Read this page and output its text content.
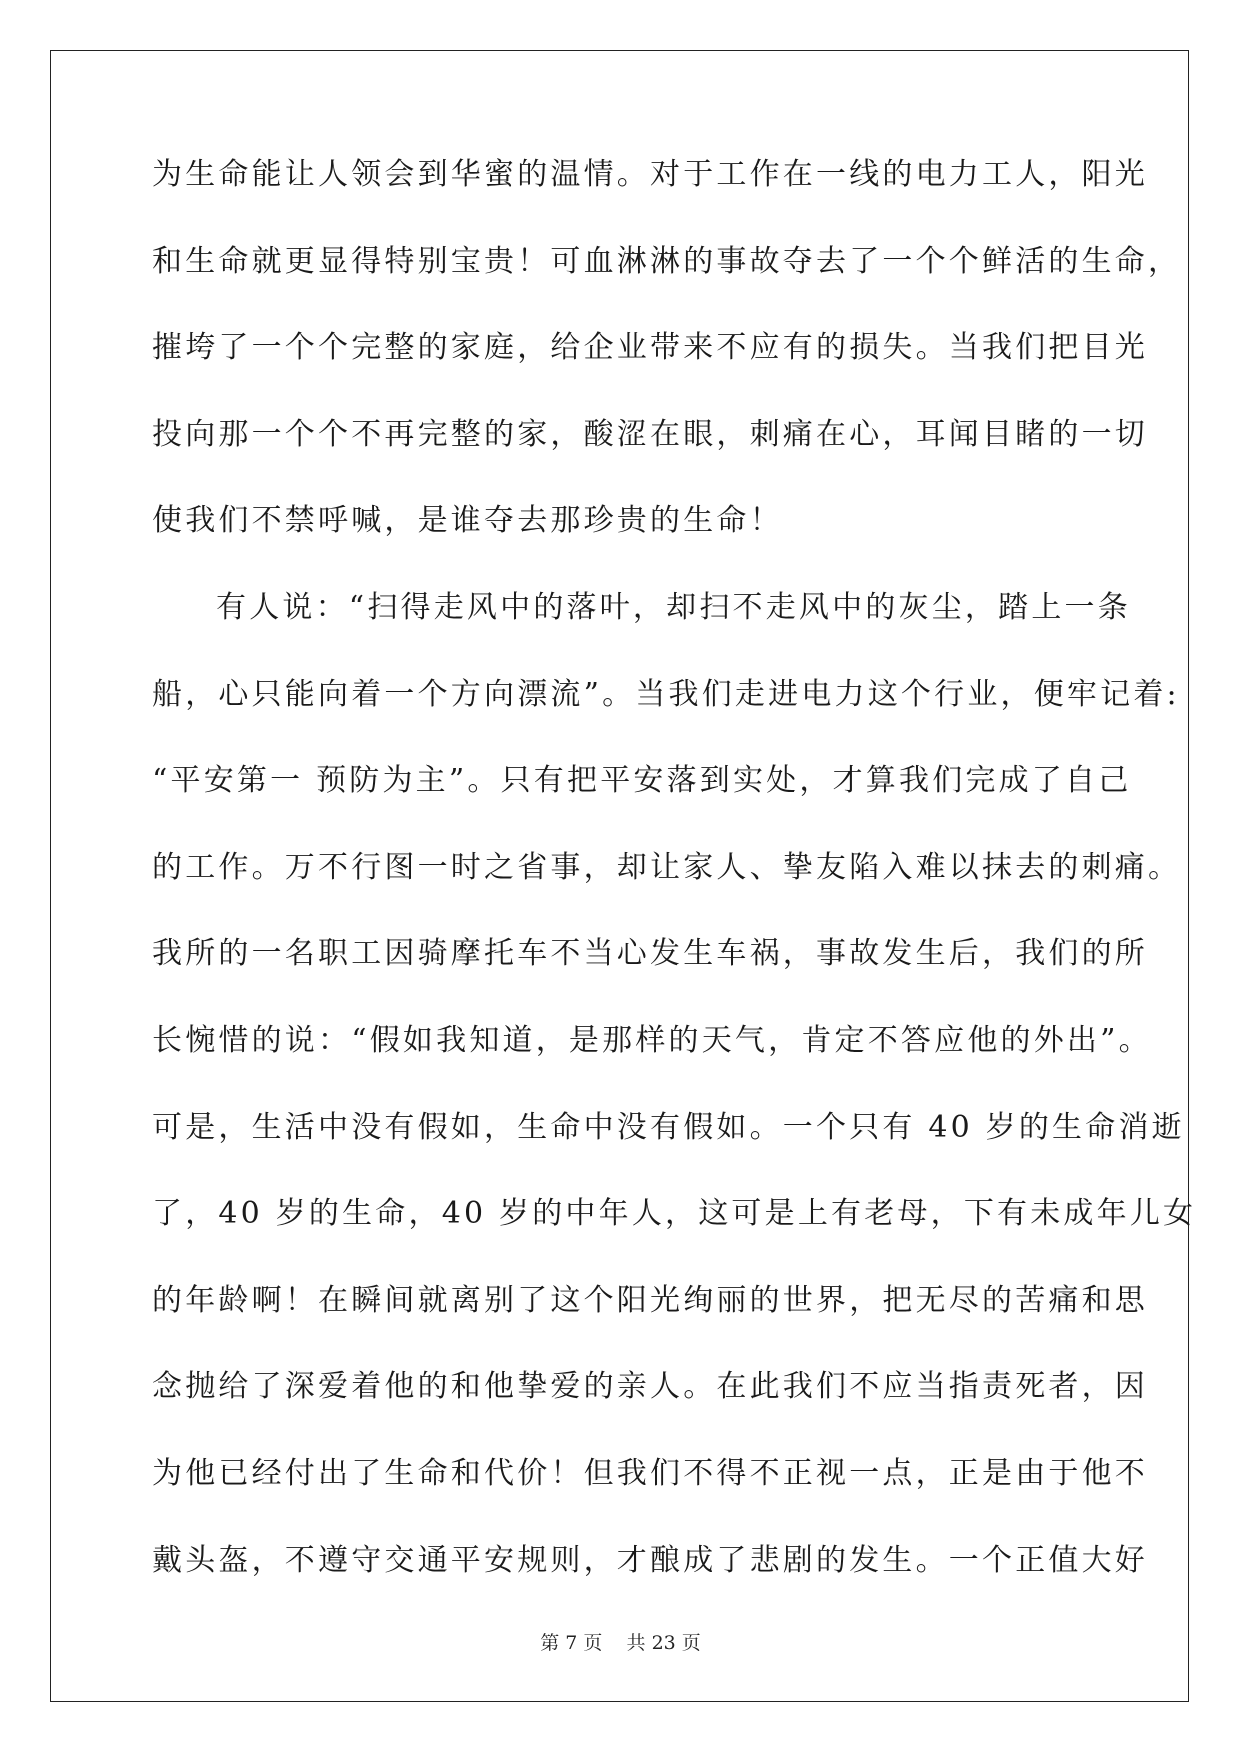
为生命能让人领会到华蜜的温情。对于工作在一线的电力工人，阳光
和生命就更显得特别宝贵！可血淋淋的事故夺去了一个个鲜活的生命，
摧垮了一个个完整的家庭，给企业带来不应有的损失。当我们把目光
投向那一个个不再完整的家，酸涩在眼，刺痛在心，耳闻目睹的一切
使我们不禁呼喊，是谁夺去那珍贵的生命！
有人说：“扫得走风中的落叶，却扫不走风中的灰尘，踏上一条
船，心只能向着一个方向漂流”。当我们走进电力这个行业，便牢记着:
“平安第一 预防为主”。只有把平安落到实处，才算我们完成了自己
的工作。万不行图一时之省事，却让家人、挚友陷入难以抹去的刺痛。
我所的一名职工因骑摩托车不当心发生车祸，事故发生后，我们的所
长惋惜的说：“假如我知道，是那样的天气，肯定不答应他的外出”。
可是，生活中没有假如，生命中没有假如。一个只有 40 岁的生命消逝
了，40 岁的生命，40 岁的中年人，这可是上有老母，下有未成年儿女
的年龄啊！在瞬间就离别了这个阳光绚丽的世界，把无尽的苦痛和思
念抛给了深爱着他的和他挚爱的亲人。在此我们不应当指责死者，因
为他已经付出了生命和代价！但我们不得不正视一点，正是由于他不
戴头盔，不遵守交通平安规则，才酿成了悲剧的发生。一个正值大好
第 7 页 共 23 页
